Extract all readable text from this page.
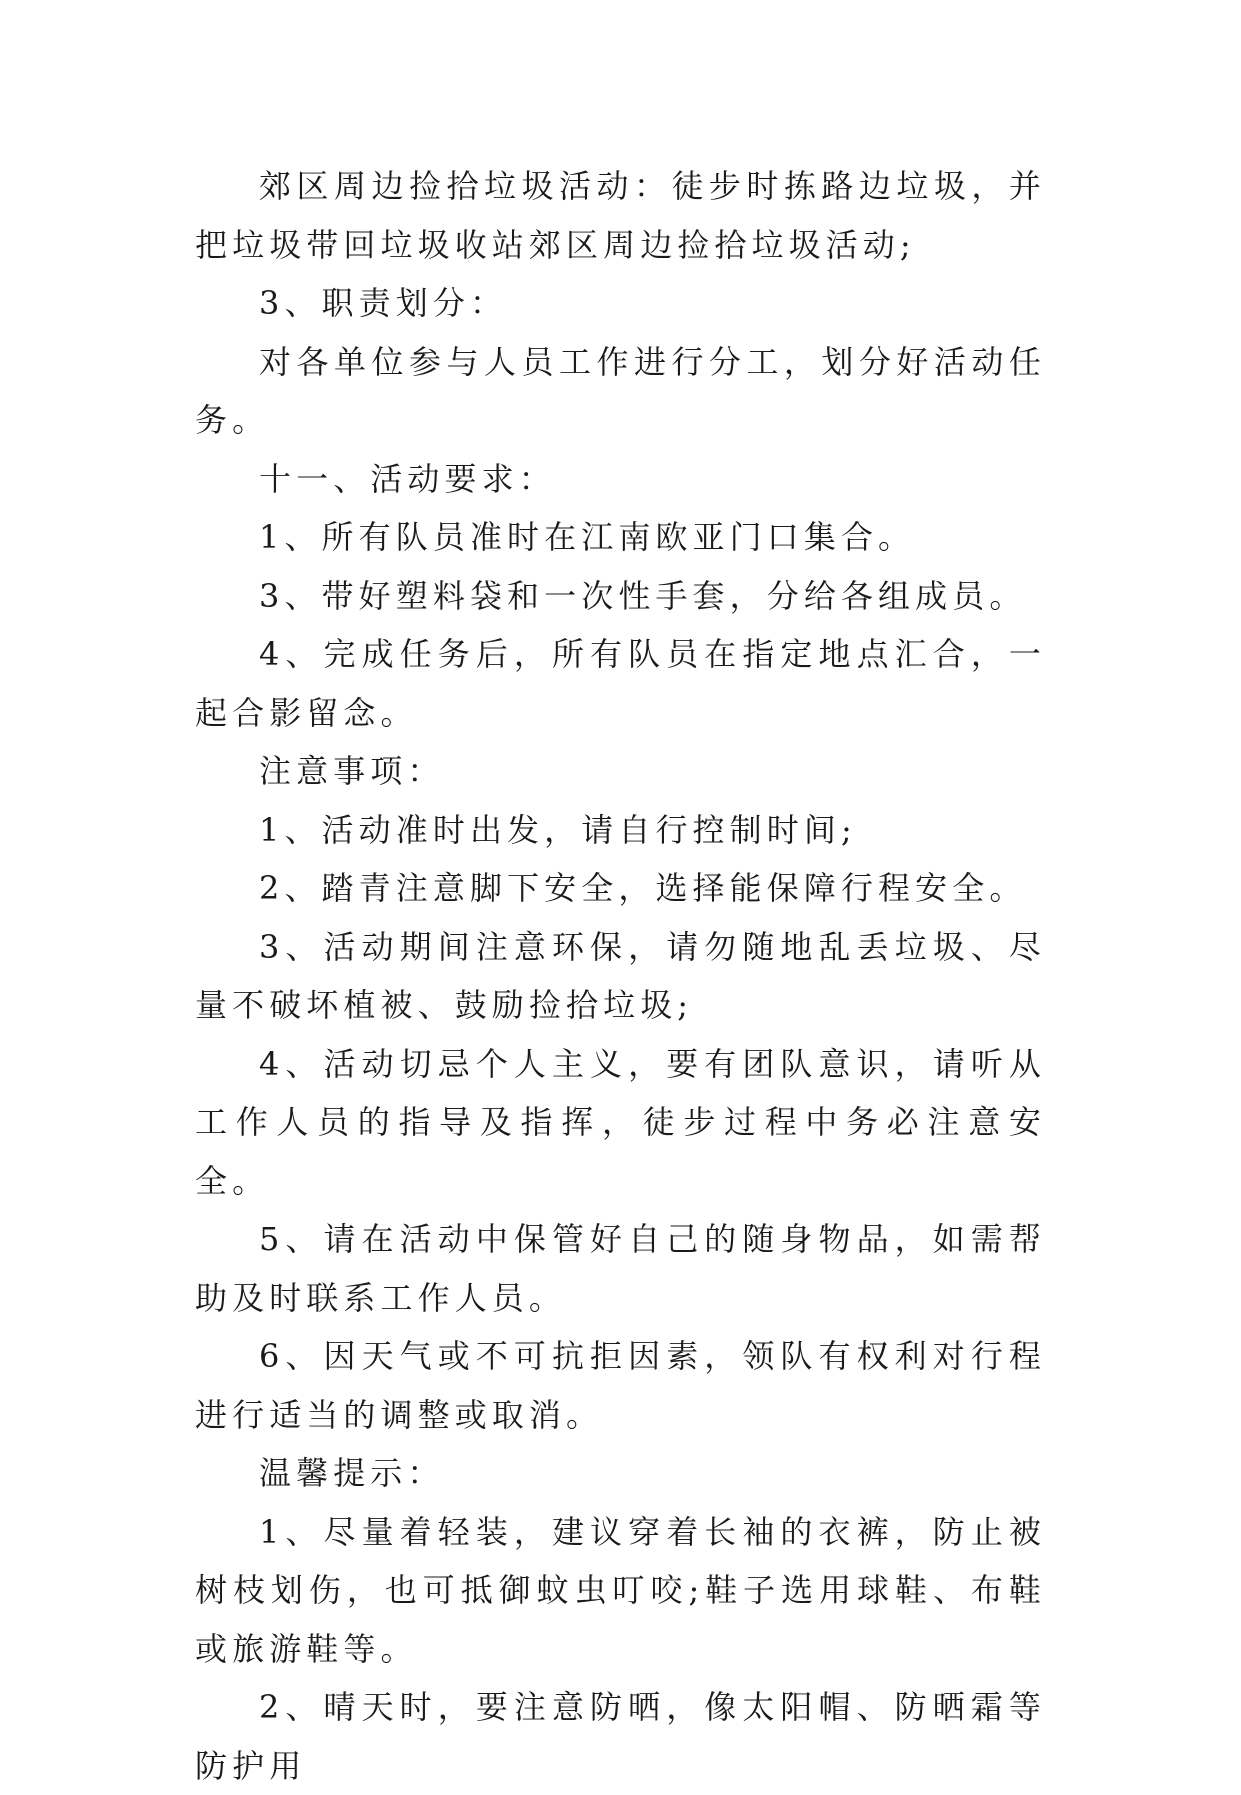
郊区周边捡拾垃圾活动：徒步时拣路边垃圾，并把垃圾带回垃圾收站郊区周边捡拾垃圾活动;

3、职责划分：

对各单位参与人员工作进行分工，划分好活动任务。

十一、活动要求：

1、所有队员准时在江南欧亚门口集合。

3、带好塑料袋和一次性手套，分给各组成员。

4、完成任务后，所有队员在指定地点汇合，一起合影留念。

注意事项：

1、活动准时出发，请自行控制时间;

2、踏青注意脚下安全，选择能保障行程安全。

3、活动期间注意环保，请勿随地乱丢垃圾、尽量不破坏植被、鼓励捡拾垃圾;

4、活动切忌个人主义，要有团队意识，请听从工作人员的指导及指挥，徒步过程中务必注意安全。

5、请在活动中保管好自己的随身物品，如需帮助及时联系工作人员。

6、因天气或不可抗拒因素，领队有权利对行程进行适当的调整或取消。

温馨提示：

1、尽量着轻装，建议穿着长袖的衣裤，防止被树枝划伤，也可抵御蚊虫叮咬;鞋子选用球鞋、布鞋或旅游鞋等。

2、晴天时，要注意防晒，像太阳帽、防晒霜等防护用
